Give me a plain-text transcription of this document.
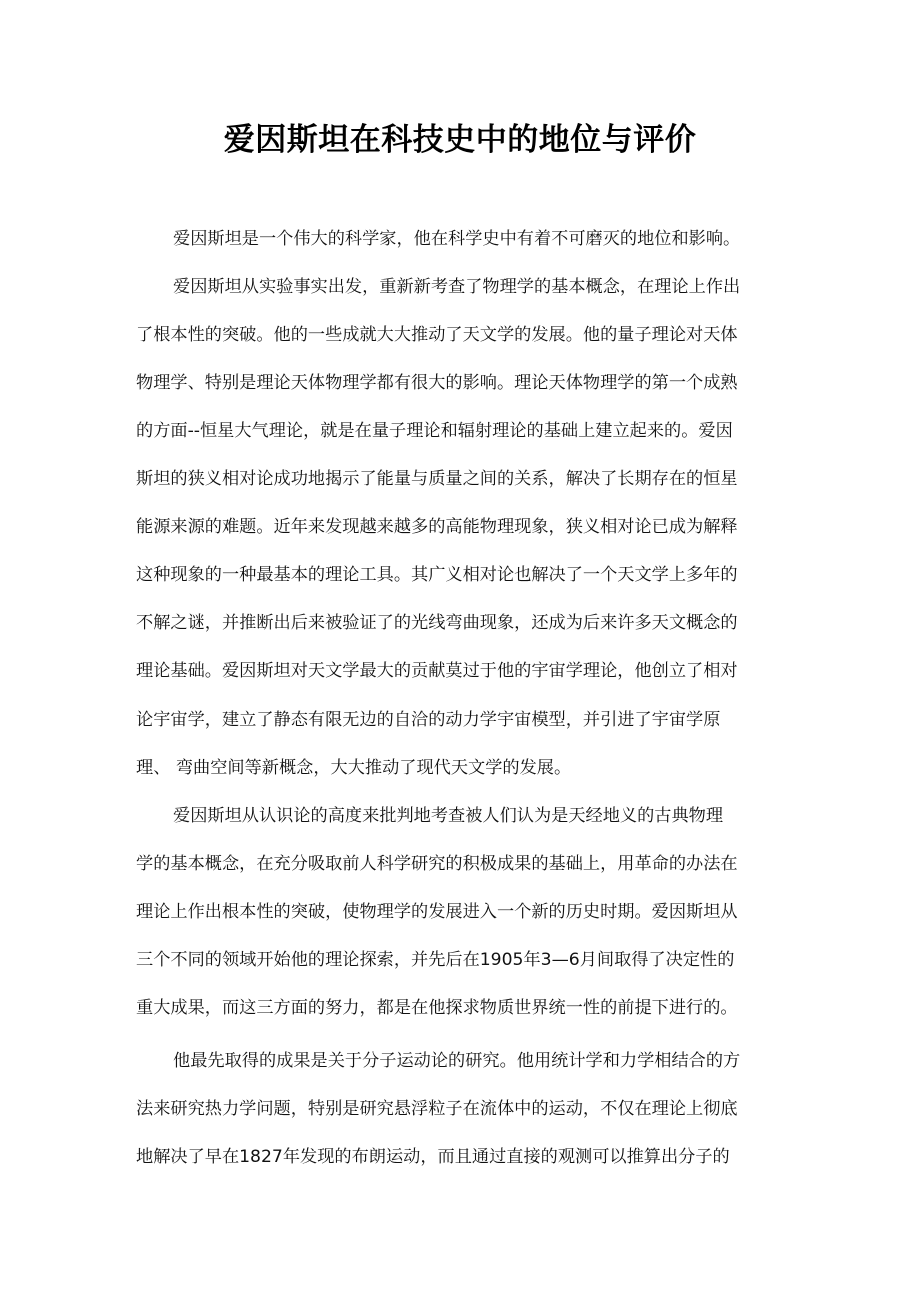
爱因斯坦在科技史中的地位与评价

爱因斯坦是一个伟大的科学家，他在科学史中有着不可磨灭的地位和影响。

爱因斯坦从实验事实出发，重新新考查了物理学的基本概念，在理论上作出

了根本性的突破。他的一些成就大大推动了天文学的发展。他的量子理论对天体

物理学、特别是理论天体物理学都有很大的影响。理论天体物理学的第一个成熟

的方面--恒星大气理论，就是在量子理论和辐射理论的基础上建立起来的。爱因

斯坦的狭义相对论成功地揭示了能量与质量之间的关系，解决了长期存在的恒星

能源来源的难题。近年来发现越来越多的高能物理现象，狭义相对论已成为解释

这种现象的一种最基本的理论工具。其广义相对论也解决了一个天文学上多年的

不解之谜，并推断出后来被验证了的光线弯曲现象，还成为后来许多天文概念的

理论基础。爱因斯坦对天文学最大的贡献莫过于他的宇宙学理论，他创立了相对

论宇宙学，建立了静态有限无边的自洽的动力学宇宙模型，并引进了宇宙学原

理、 弯曲空间等新概念，大大推动了现代天文学的发展。

爱因斯坦从认识论的高度来批判地考查被人们认为是天经地义的古典物理

学的基本概念，在充分吸取前人科学研究的积极成果的基础上，用革命的办法在

理论上作出根本性的突破，使物理学的发展进入一个新的历史时期。爱因斯坦从

三个不同的领域开始他的理论探索，并先后在1905年3—6月间取得了决定性的

重大成果，而这三方面的努力，都是在他探求物质世界统一性的前提下进行的。

他最先取得的成果是关于分子运动论的研究。他用统计学和力学相结合的方

法来研究热力学问题，特别是研究悬浮粒子在流体中的运动，不仅在理论上彻底

地解决了早在1827年发现的布朗运动，而且通过直接的观测可以推算出分子的
